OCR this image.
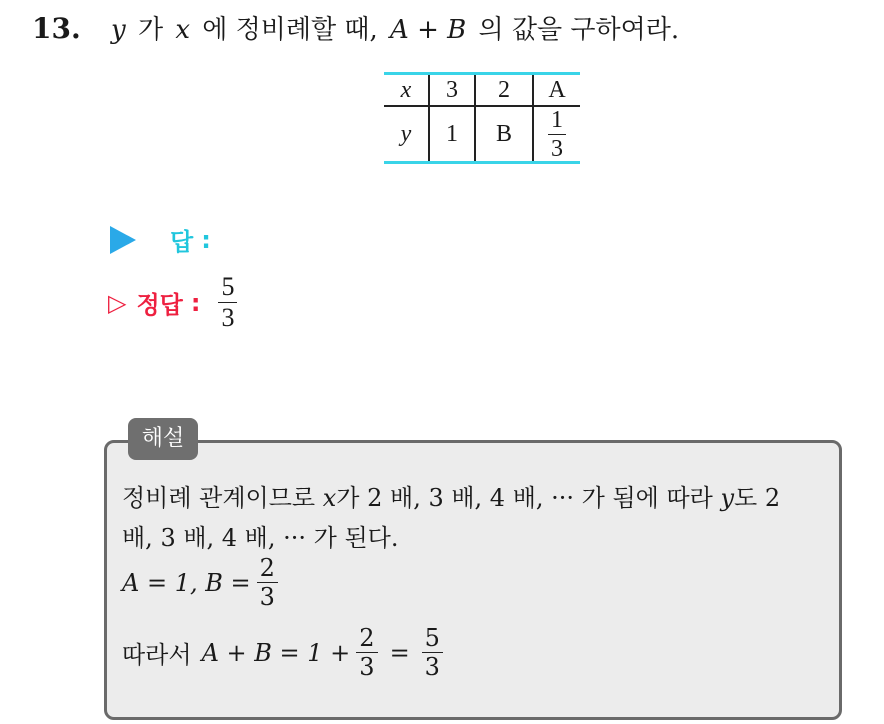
13. y 가 x 에 정비례할 때, A + B 의 값을 구하여라.
x	3	2	A
y	1	B	$\frac{1}{3}$
답 :
▷ 정답 : $\frac{5}{3}$
해설
정비례 관계이므로 x가 2 배, 3 배, 4 배, ··· 가 됨에 따라 y도 2
배, 3 배, 4 배, ··· 가 된다.
A = 1, $B = \frac{2}{3}$
따라서 $A + B = 1 + \frac{2}{3} = \frac{5}{3}$
